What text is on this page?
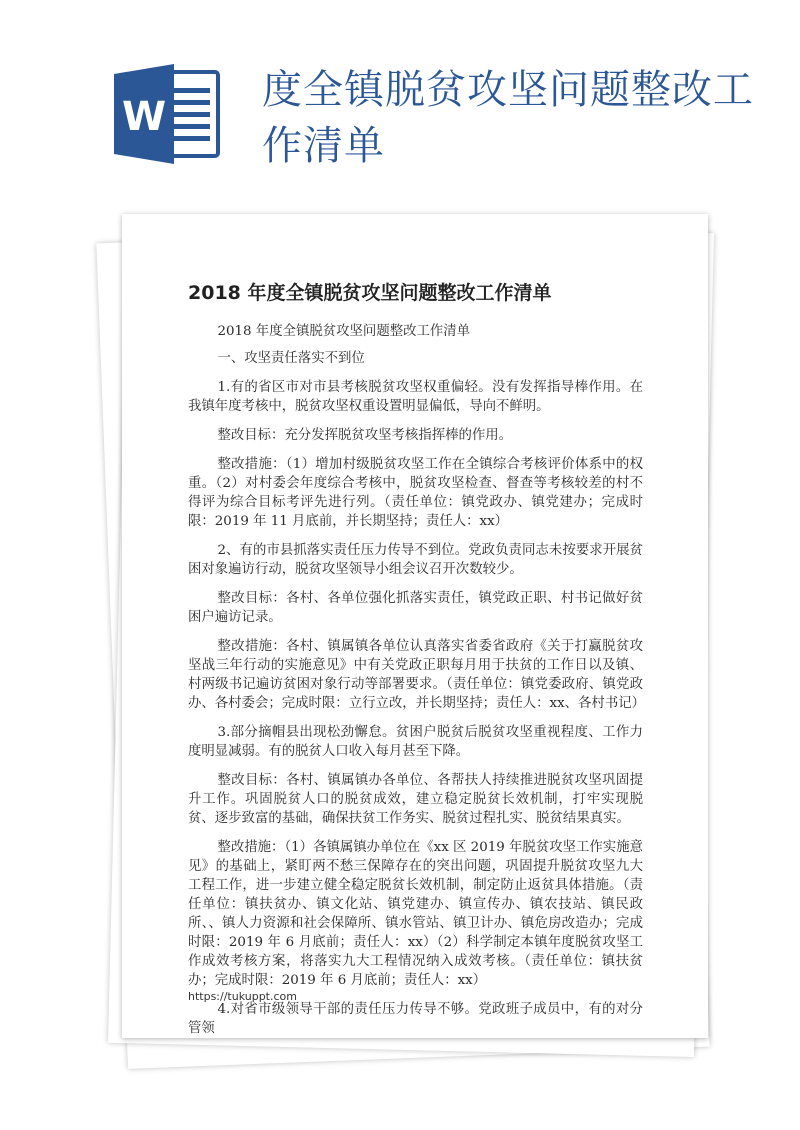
W
度全镇脱贫攻坚问题整改工作清单
2018 年度全镇脱贫攻坚问题整改工作清单

2018 年度全镇脱贫攻坚问题整改工作清单

一、攻坚责任落实不到位

1.有的省区市对市县考核脱贫攻坚权重偏轻。没有发挥指导棒作用。在我镇年度考核中，脱贫攻坚权重设置明显偏低，导向不鲜明。

整改目标：充分发挥脱贫攻坚考核指挥棒的作用。

整改措施：（1）增加村级脱贫攻坚工作在全镇综合考核评价体系中的权重。（2）对村委会年度综合考核中，脱贫攻坚检查、督查等考核较差的村不得评为综合目标考评先进行列。（责任单位：镇党政办、镇党建办；完成时限：2019 年 11 月底前，并长期坚持；责任人：xx）

2、有的市县抓落实责任压力传导不到位。党政负责同志未按要求开展贫困对象遍访行动，脱贫攻坚领导小组会议召开次数较少。

整改目标：各村、各单位强化抓落实责任，镇党政正职、村书记做好贫困户遍访记录。

整改措施：各村、镇属镇各单位认真落实省委省政府《关于打赢脱贫攻坚战三年行动的实施意见》中有关党政正职每月用于扶贫的工作日以及镇、村两级书记遍访贫困对象行动等部署要求。（责任单位：镇党委政府、镇党政办、各村委会；完成时限：立行立改，并长期坚持；责任人：xx、各村书记）

3.部分摘帽县出现松劲懈怠。贫困户脱贫后脱贫攻坚重视程度、工作力度明显减弱。有的脱贫人口收入每月甚至下降。

整改目标：各村、镇属镇办各单位、各帮扶人持续推进脱贫攻坚巩固提升工作。巩固脱贫人口的脱贫成效，建立稳定脱贫长效机制，打牢实现脱贫、逐步致富的基础，确保扶贫工作务实、脱贫过程扎实、脱贫结果真实。

整改措施：（1）各镇属镇办单位在《xx 区 2019 年脱贫攻坚工作实施意见》的基础上，紧盯两不愁三保障存在的突出问题，巩固提升脱贫攻坚九大工程工作，进一步建立健全稳定脱贫长效机制，制定防止返贫具体措施。（责任单位：镇扶贫办、镇文化站、镇党建办、镇宣传办、镇农技站、镇民政所、、镇人力资源和社会保障所、镇水管站、镇卫计办、镇危房改造办；完成时限：2019 年 6 月底前；责任人：xx）（2）科学制定本镇年度脱贫攻坚工作成效考核方案，将落实九大工程情况纳入成效考核。（责任单位：镇扶贫办；完成时限：2019 年 6 月底前；责任人：xx）

4.对省市级领导干部的责任压力传导不够。党政班子成员中，有的对分管领

https://tukuppt.com
